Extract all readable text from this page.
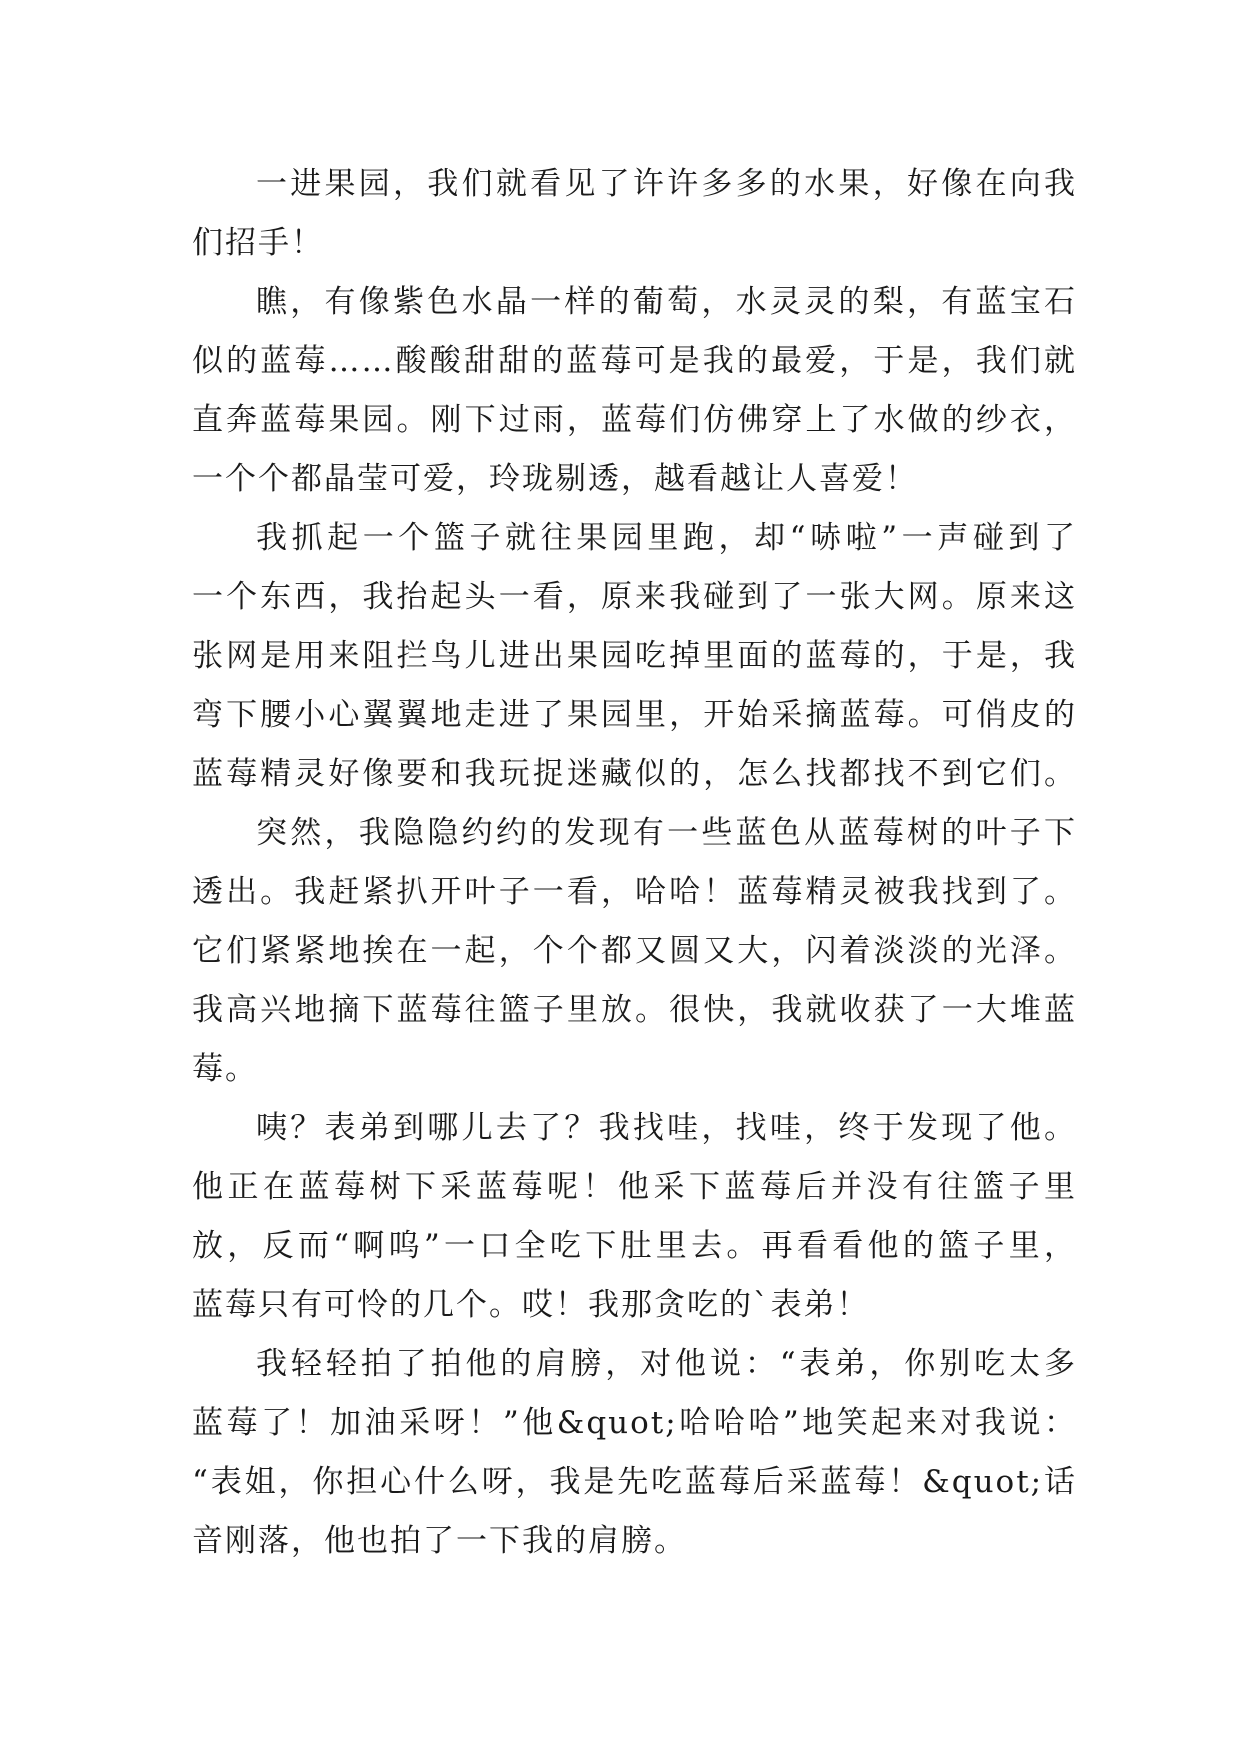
一进果园，我们就看见了许许多多的水果，好像在向我
们招手！
瞧，有像紫色水晶一样的葡萄，水灵灵的梨，有蓝宝石
似的蓝莓……酸酸甜甜的蓝莓可是我的最爱，于是，我们就
直奔蓝莓果园。刚下过雨，蓝莓们仿佛穿上了水做的纱衣，
一个个都晶莹可爱，玲珑剔透，越看越让人喜爱！
我抓起一个篮子就往果园里跑，却“哧啦”一声碰到了
一个东西，我抬起头一看，原来我碰到了一张大网。原来这
张网是用来阻拦鸟儿进出果园吃掉里面的蓝莓的，于是，我
弯下腰小心翼翼地走进了果园里，开始采摘蓝莓。可俏皮的
蓝莓精灵好像要和我玩捉迷藏似的，怎么找都找不到它们。
突然，我隐隐约约的发现有一些蓝色从蓝莓树的叶子下
透出。我赶紧扒开叶子一看，哈哈！蓝莓精灵被我找到了。
它们紧紧地挨在一起，个个都又圆又大，闪着淡淡的光泽。
我高兴地摘下蓝莓往篮子里放。很快，我就收获了一大堆蓝
莓。
咦？表弟到哪儿去了？我找哇，找哇，终于发现了他。
他正在蓝莓树下采蓝莓呢！他采下蓝莓后并没有往篮子里
放，反而“啊呜”一口全吃下肚里去。再看看他的篮子里，
蓝莓只有可怜的几个。哎！我那贪吃的`表弟！
我轻轻拍了拍他的肩膀，对他说：“表弟，你别吃太多
蓝莓了！加油采呀！”他&quot;哈哈哈”地笑起来对我说：
“表姐，你担心什么呀，我是先吃蓝莓后采蓝莓！&quot;话
音刚落，他也拍了一下我的肩膀。
